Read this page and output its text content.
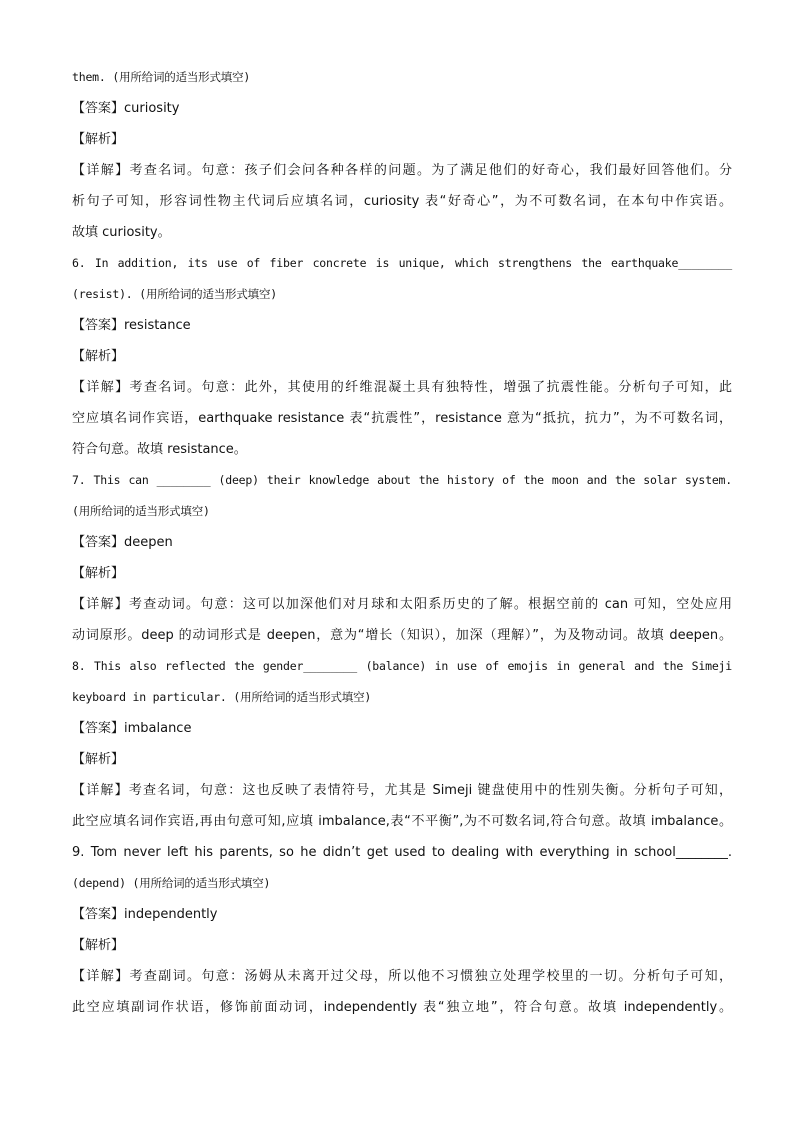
them. (用所给词的适当形式填空)
【答案】curiosity
【解析】
【详解】考查名词。句意：孩子们会问各种各样的问题。为了满足他们的好奇心，我们最好回答他们。分
析句子可知，形容词性物主代词后应填名词，curiosity 表“好奇心”，为不可数名词，在本句中作宾语。
故填 curiosity。
6. In addition, its use of fiber concrete is unique, which strengthens the earthquake________
(resist). (用所给词的适当形式填空)
【答案】resistance
【解析】
【详解】考查名词。句意：此外，其使用的纤维混凝土具有独特性，增强了抗震性能。分析句子可知，此
空应填名词作宾语，earthquake resistance 表“抗震性”，resistance 意为“抵抗，抗力”，为不可数名词，
符合句意。故填 resistance。
7. This can ________ (deep) their knowledge about the history of the moon and the solar system.
(用所给词的适当形式填空)
【答案】deepen
【解析】
【详解】考查动词。句意：这可以加深他们对月球和太阳系历史的了解。根据空前的 can 可知，空处应用
动词原形。deep 的动词形式是 deepen，意为“增长（知识），加深（理解）”，为及物动词。故填 deepen。
8. This also reflected the gender________ (balance) in use of emojis in general and the Simeji
keyboard in particular. (用所给词的适当形式填空)
【答案】imbalance
【解析】
【详解】考查名词，句意：这也反映了表情符号，尤其是 Simeji 键盘使用中的性别失衡。分析句子可知，
此空应填名词作宾语,再由句意可知,应填 imbalance,表“不平衡”,为不可数名词,符合句意。故填 imbalance。
9. Tom never left his parents, so he didn’t get used to dealing with everything in school________.
(depend) (用所给词的适当形式填空)
【答案】independently
【解析】
【详解】考查副词。句意：汤姆从未离开过父母，所以他不习惯独立处理学校里的一切。分析句子可知，
此空应填副词作状语，修饰前面动词，independently 表“独立地”，符合句意。故填 independently。
